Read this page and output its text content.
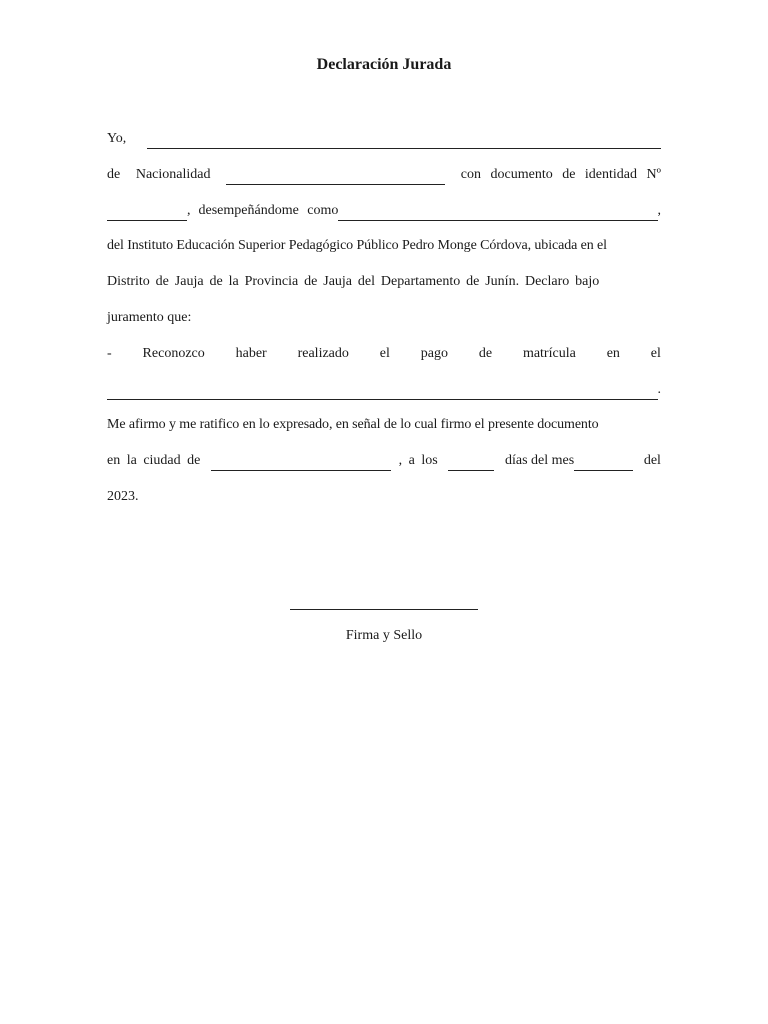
Declaración Jurada
Yo,
de Nacionalidad	con documento de identidad Nº
, desempeñándome como	,
del Instituto Educación Superior Pedagógico Público Pedro Monge Córdova, ubicada en el
Distrito de Jauja de la Provincia de Jauja del Departamento de Junín. Declaro bajo
juramento que:
- Reconozco haber realizado el pago de matrícula en el
.
Me afirmo y me ratifico en lo expresado, en señal de lo cual firmo el presente documento
en la ciudad de	, a los	días del mes	del
2023.
Firma y Sello
